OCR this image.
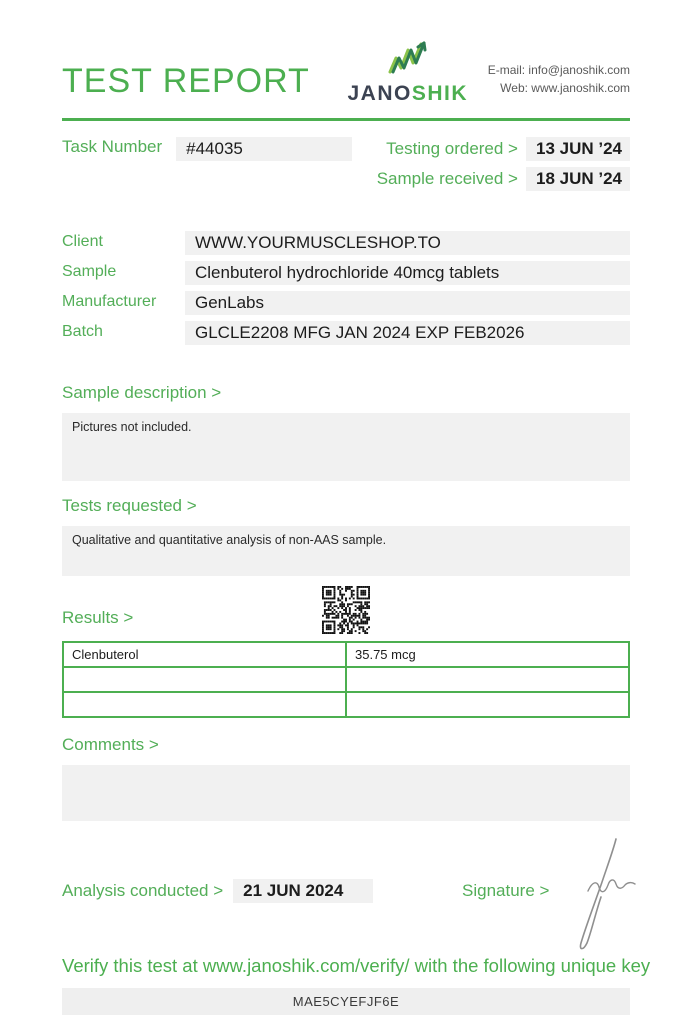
TEST REPORT JANOSHIK
E-mail: info@janoshik.com
Web: www.janoshik.com
Task Number	#44035	Testing ordered >	13 JUN ’24
Sample received >	18 JUN ’24
Client	WWW.YOURMUSCLESHOP.TO
Sample	Clenbuterol hydrochloride 40mcg tablets
Manufacturer	GenLabs
Batch	GLCLE2208 MFG JAN 2024 EXP FEB2026
Sample description >
Pictures not included.
Tests requested >
Qualitative and quantitative analysis of non-AAS sample.
Results >
Clenbuterol	35.75 mcg

Comments >
Analysis conducted >	21 JUN 2024	Signature >
Verify this test at www.janoshik.com/verify/ with the following unique key
MAE5CYEFJF6E
